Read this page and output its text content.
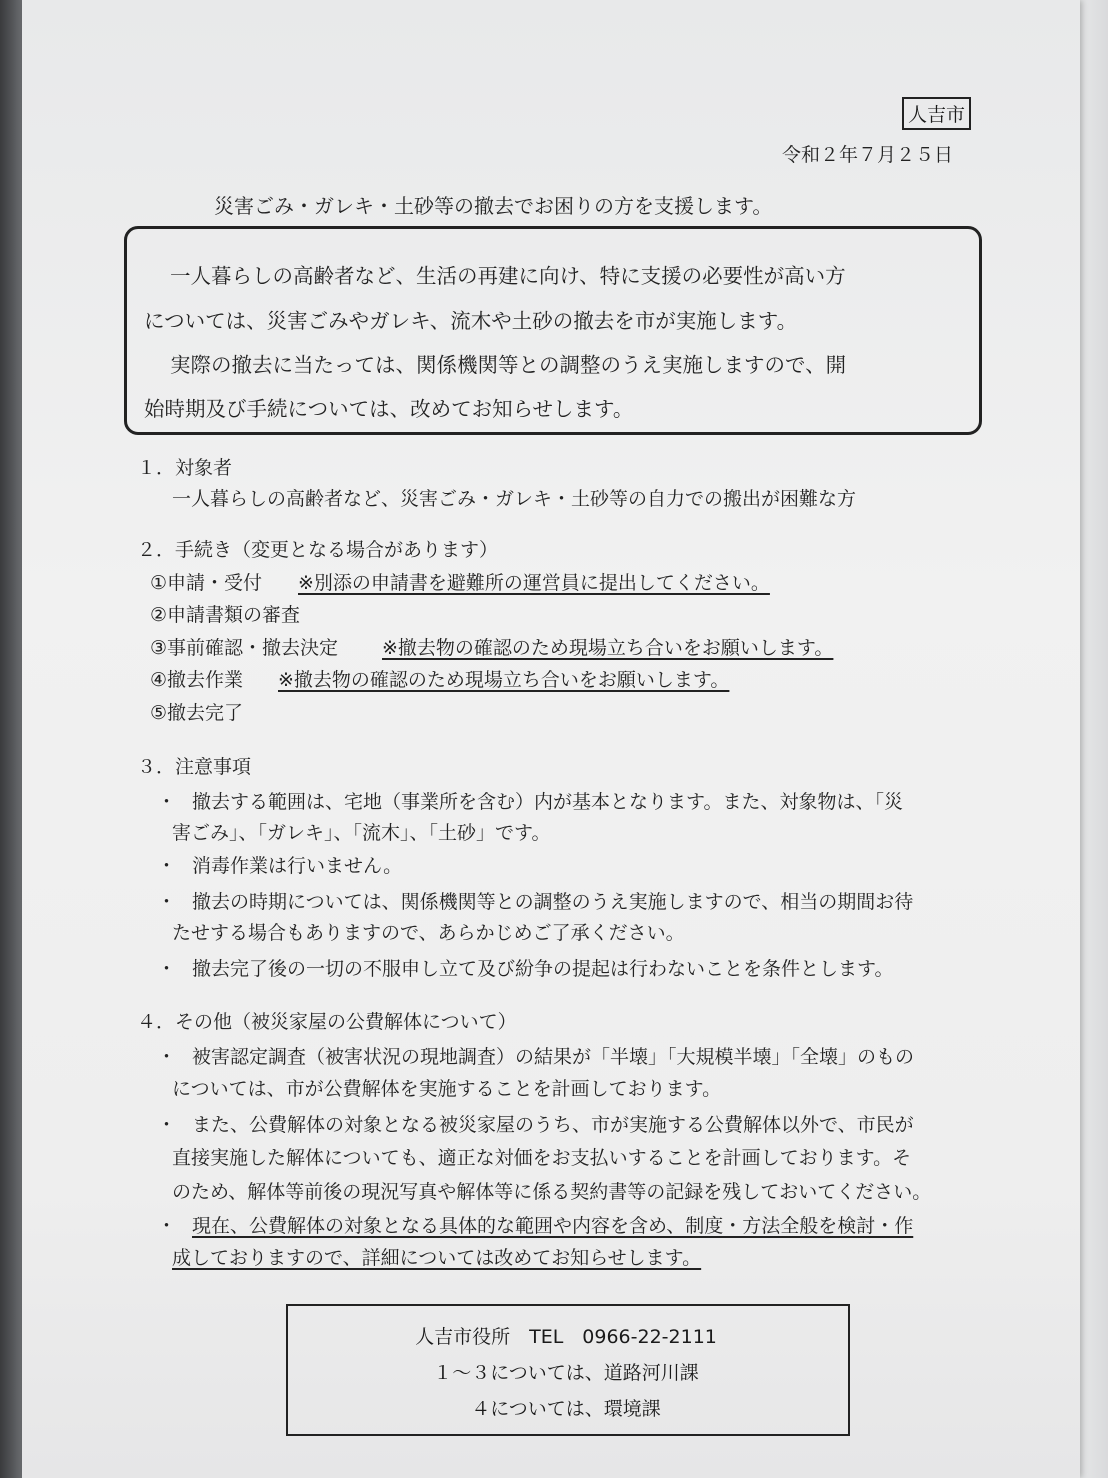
人吉市
令和２年７月２５日
災害ごみ・ガレキ・土砂等の撤去でお困りの方を支援します。
一人暮らしの高齢者など、生活の再建に向け、特に支援の必要性が高い方
については、災害ごみやガレキ、流木や土砂の撤去を市が実施します。
実際の撤去に当たっては、関係機関等との調整のうえ実施しますので、開
始時期及び手続については、改めてお知らせします。
１．対象者
一人暮らしの高齢者など、災害ごみ・ガレキ・土砂等の自力での搬出が困難な方
２．手続き（変更となる場合があります）
①申請・受付 ※別添の申請書を避難所の運営員に提出してください。
②申請書類の審査
③事前確認・撤去決定 ※撤去物の確認のため現場立ち合いをお願いします。
④撤去作業 ※撤去物の確認のため現場立ち合いをお願いします。
⑤撤去完了
３．注意事項
・ 撤去する範囲は、宅地（事業所を含む）内が基本となります。また、対象物は、「災
害ごみ」、「ガレキ」、「流木」、「土砂」です。
・ 消毒作業は行いません。
・ 撤去の時期については、関係機関等との調整のうえ実施しますので、相当の期間お待
たせする場合もありますので、あらかじめご了承ください。
・ 撤去完了後の一切の不服申し立て及び紛争の提起は行わないことを条件とします。
４．その他（被災家屋の公費解体について）
・ 被害認定調査（被害状況の現地調査）の結果が「半壊」「大規模半壊」「全壊」のもの
については、市が公費解体を実施することを計画しております。
・ また、公費解体の対象となる被災家屋のうち、市が実施する公費解体以外で、市民が
直接実施した解体についても、適正な対価をお支払いすることを計画しております。そ
のため、解体等前後の現況写真や解体等に係る契約書等の記録を残しておいてください。
・ 現在、公費解体の対象となる具体的な範囲や内容を含め、制度・方法全般を検討・作
成しておりますので、詳細については改めてお知らせします。
人吉市役所　TEL　0966-22-2111
１～３については、道路河川課
４については、環境課
